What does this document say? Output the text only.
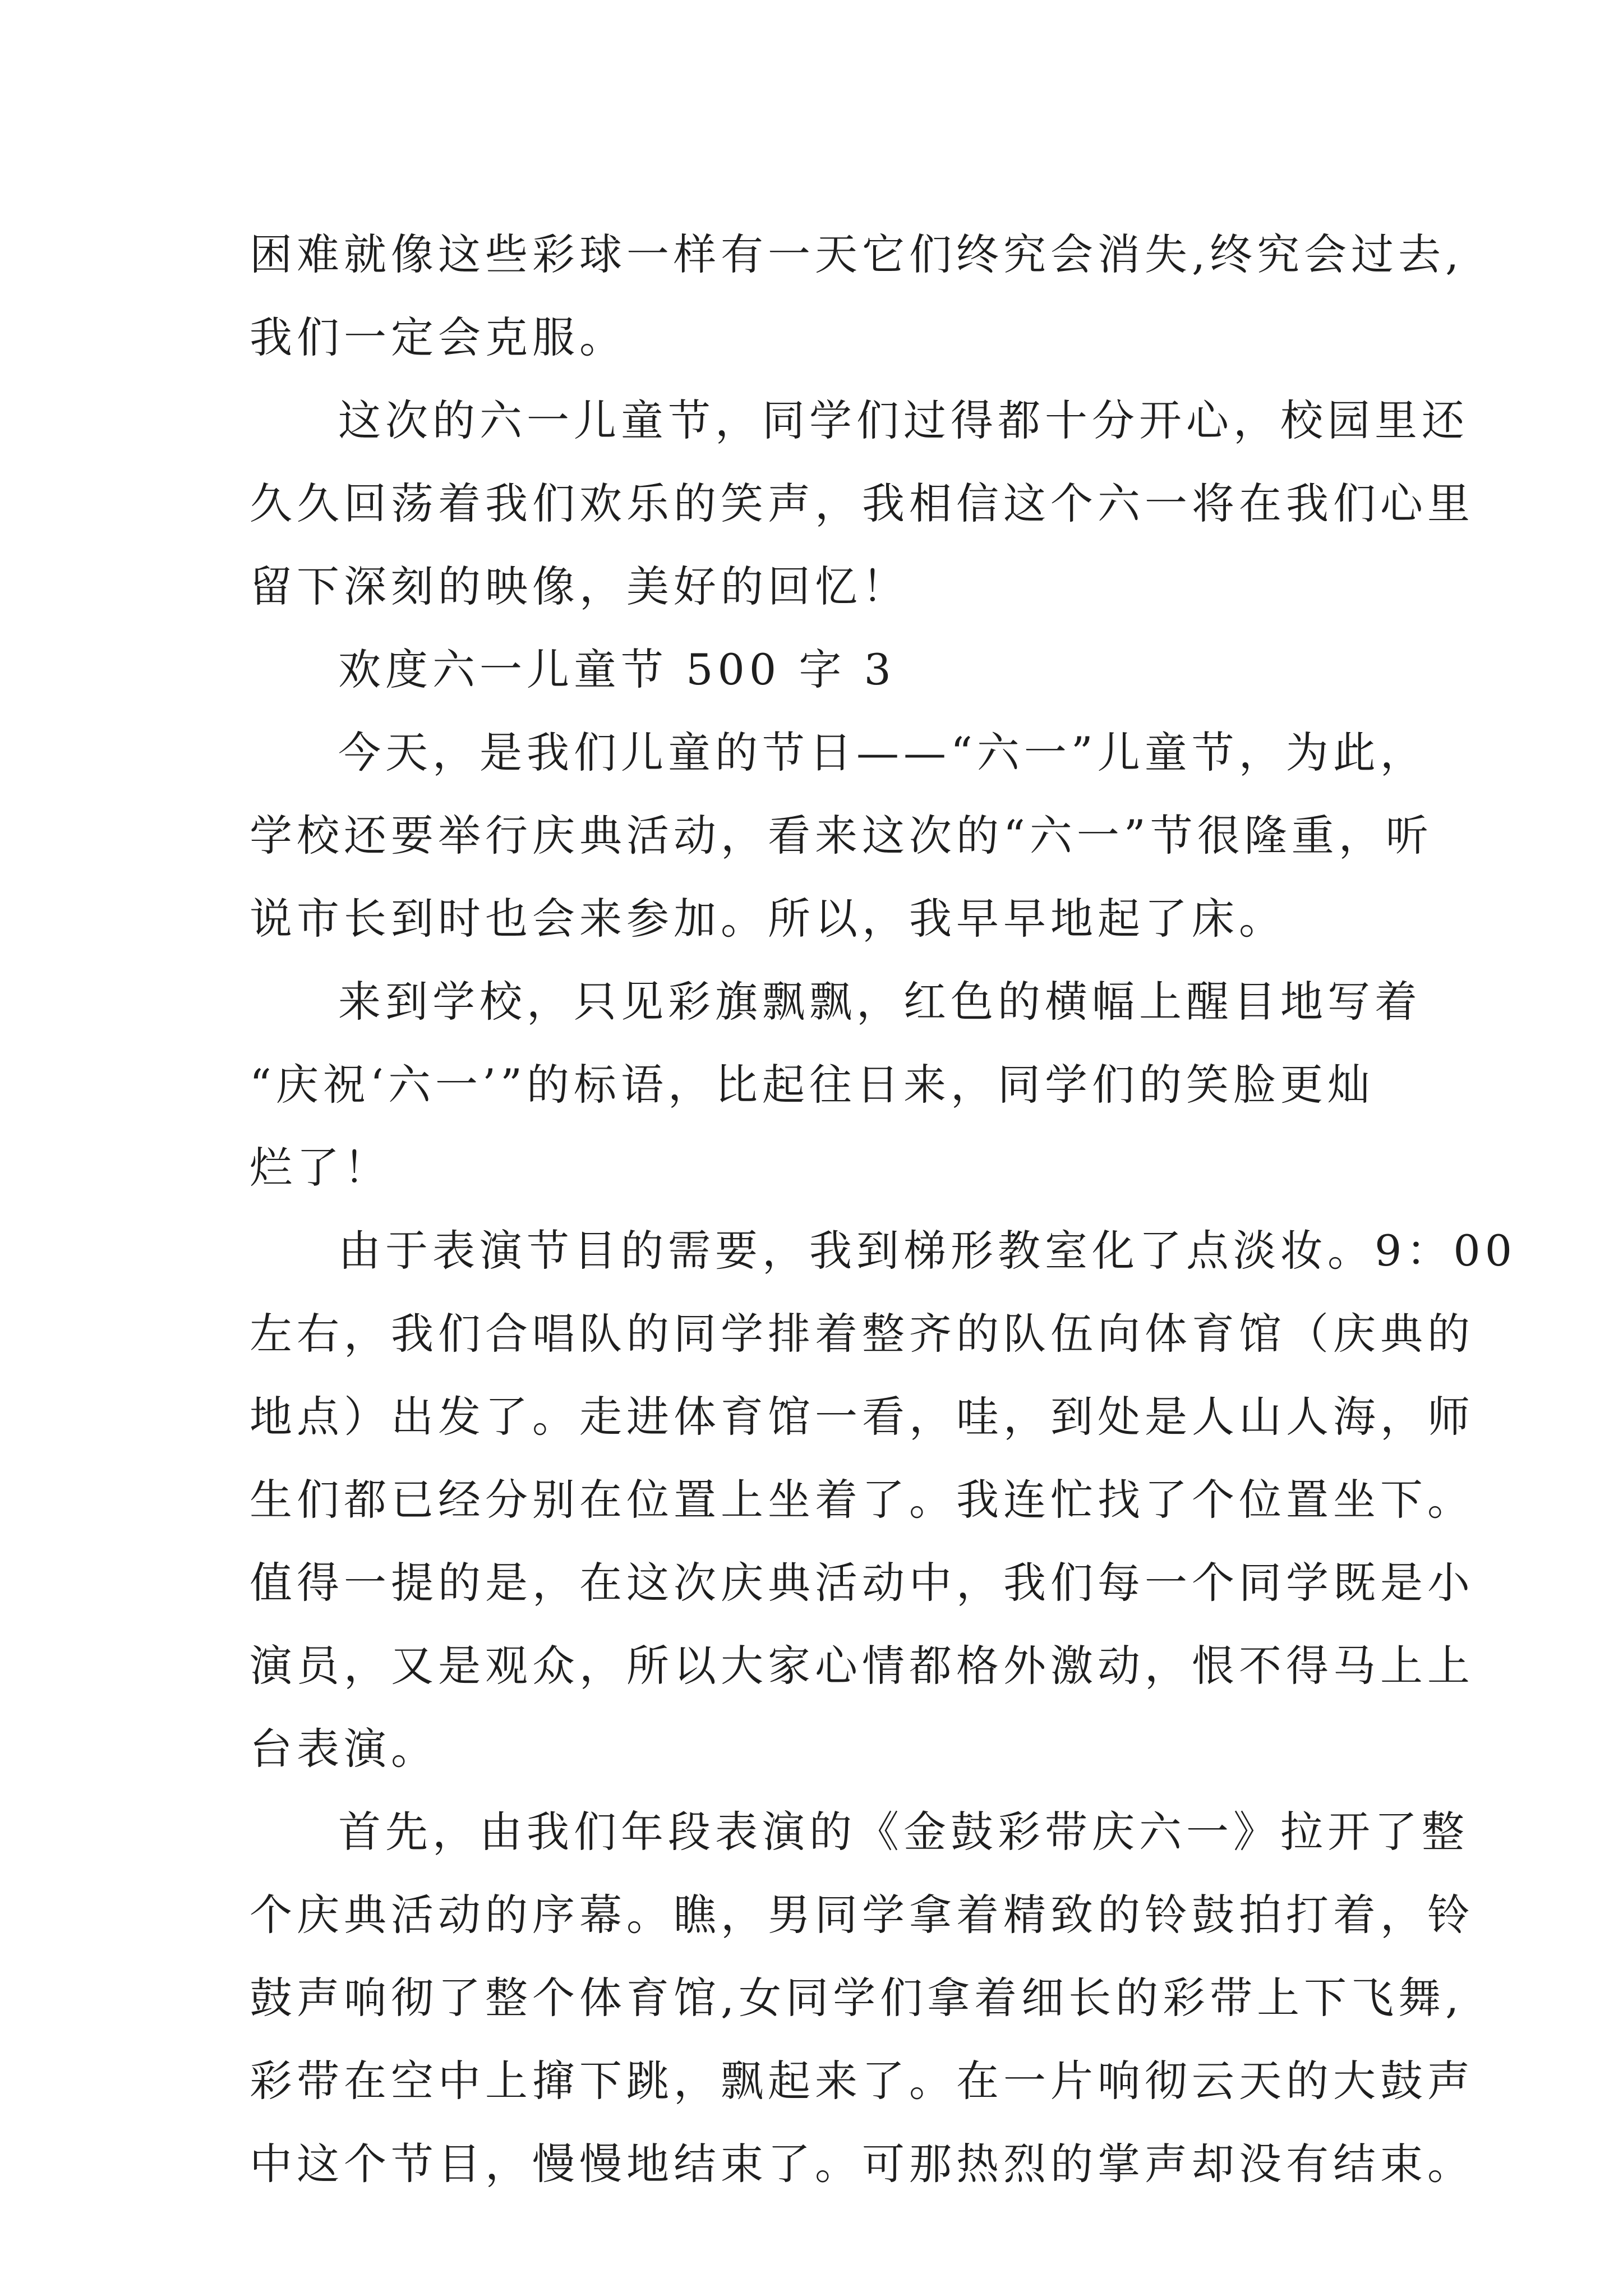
困难就像这些彩球一样有一天它们终究会消失,终究会过去,
我们一定会克服。
这次的六一儿童节，同学们过得都十分开心，校园里还
久久回荡着我们欢乐的笑声，我相信这个六一将在我们心里
留下深刻的映像，美好的回忆！
欢度六一儿童节 500 字 3
今天，是我们儿童的节日——“六一”儿童节，为此，
学校还要举行庆典活动，看来这次的“六一”节很隆重，听
说市长到时也会来参加。所以，我早早地起了床。
来到学校，只见彩旗飘飘，红色的横幅上醒目地写着
“庆祝‘六一’”的标语，比起往日来，同学们的笑脸更灿
烂了！
由于表演节目的需要，我到梯形教室化了点淡妆。9：00
左右，我们合唱队的同学排着整齐的队伍向体育馆（庆典的
地点）出发了。走进体育馆一看，哇，到处是人山人海，师
生们都已经分别在位置上坐着了。我连忙找了个位置坐下。
值得一提的是，在这次庆典活动中，我们每一个同学既是小
演员，又是观众，所以大家心情都格外激动，恨不得马上上
台表演。
首先，由我们年段表演的《金鼓彩带庆六一》拉开了整
个庆典活动的序幕。瞧，男同学拿着精致的铃鼓拍打着，铃
鼓声响彻了整个体育馆,女同学们拿着细长的彩带上下飞舞,
彩带在空中上撺下跳，飘起来了。在一片响彻云天的大鼓声
中这个节目，慢慢地结束了。可那热烈的掌声却没有结束。
